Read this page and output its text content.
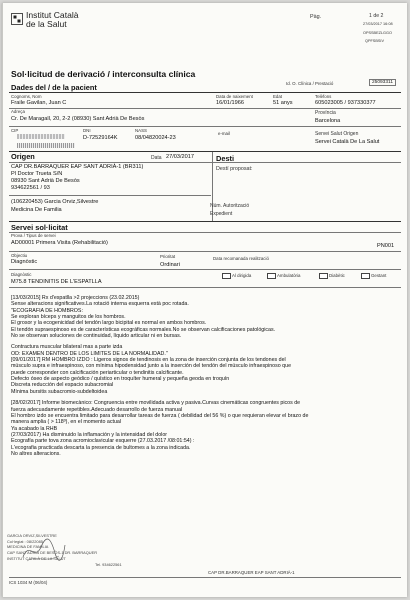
Institut Català
de la Salut
Pàg.	1 de 2
27/03/2017 16:08
OPSSBEZLGGO
QPFSBSIV
Sol·licitud de derivació / interconsulta clínica
Id. O. Clínica / Prestació	25093311
Dades del / de la pacient
Cognoms, Nom
Fraile Gavilan, Juan C
Data de naixement
16/01/1966
Edat
51 anys
Telèfons
605023005 / 937330377
Adreça
Cr. De Maragall, 20, 2-2 (08930) Sant Adrià De Besòs
Província
Barcelona
CIP	DNI
D-72529164K
NASS
08/04820024-23
e-mail	Servei Salut Origen
Servei Català De La Salut
Origen	Data 27/03/2017	Desti
CAP DR.BARRAQUER EAP SANT ADRIÀ-1 (BR311)
Pl Doctor Trueta S/N
08930 Sant Adrià De Besòs
934622561 / 93
Destí proposat:
(106220453) Garcia Orviz,Silvestre
Medicina De Familia
Núm. Autorització
Expedient
Servei sol·licitat
Prova / Tipus de servei
AD00001 Primera Visita (Rehabilitació)	PN001
Objectiu
Diagnòstic
Prioritat
Ordinari
Data recomanada realització
Al dirigida	Ambulatòria	Diabètic	Gestant
Diagnòstic
M75.8 TENDINITIS DE L'ESPATLLA
[13/03/2015] Rx d'espatlla >2 projeccions (23.02.2015)
Sense alteracions significatives.La rotació interna esquerra està poc rotada.
"ECOGRAFIA DE HOMBROS:
Se exploran bíceps y manguitos de los hombros.
El grosor y la ecogenicidad del tendón largo bicipital es normal en ambos hombros.
El tendón supraespinoso es de características ecográficas normales.No se observan calcificaciones patológicas.
No se observan soluciones de continuidad, líquido articular ni en bursas.
Contractura muscular bilateral mas a parte izda
OD: EXAMEN DENTRO DE LOS LIMITES DE LA NORMALIDAD."
[09/01/2017] RM HOMBRO IZDO : Ligeros signos de tendinosis en la zona de inserción conjunta de los tendones del
músculo supra e infraespinoso, con mínima hipodensidad junto a la inserción del tendón del músculo infraespinoso que
puede corresponder con calcificación periarticular o tendinitis calcificante.
Defecto óseo de aspecto geódico / quístico en troquíter humeral y pequeña geoda en troquín
Discreta reducción del espacio subacromial
Mínima bursitis subacromio-subdeltoidea
[28/02/2017] Informe biomecànico: Congruencia entre movilidada activa y pasiva.Curvas cinemáticas congruentes picos de
fuerza adecuadamente repetibles.Adecuado desarrollo de fuerza manual
El hombro izdo se encuentra limitado para desarrollar tareas de fuerza ( debilidad del 56 %) o que requieran elevar el brazo de
manera amplia ( > 118º), en el momento actual
Ya acabado la RHB
(27/03/2017) Ha disminuido la inflamación y la intensidad del dolor
Ecografía parte tova zona acromioclavicular esquerre (27.03.2017 /08:01:54) :
L'ecografia practicada descarta la presencia de bultomes a la zona indicada.
No altres alteracions.
GARCIA ORVIZ,SILVESTRE
Col·legiat : 08/22085
MEDICINA DE FAMÍLIA
CAP SANT ADRIÀ DE BESÒS-1 DR. BARRAQUER
INSTITUT CATALÀ DE LA SALUT
Tel. 934622561
CAP DR.BARRAQUER EAP SANT ADRIÀ-1
ICS 1034 M (06/04)
